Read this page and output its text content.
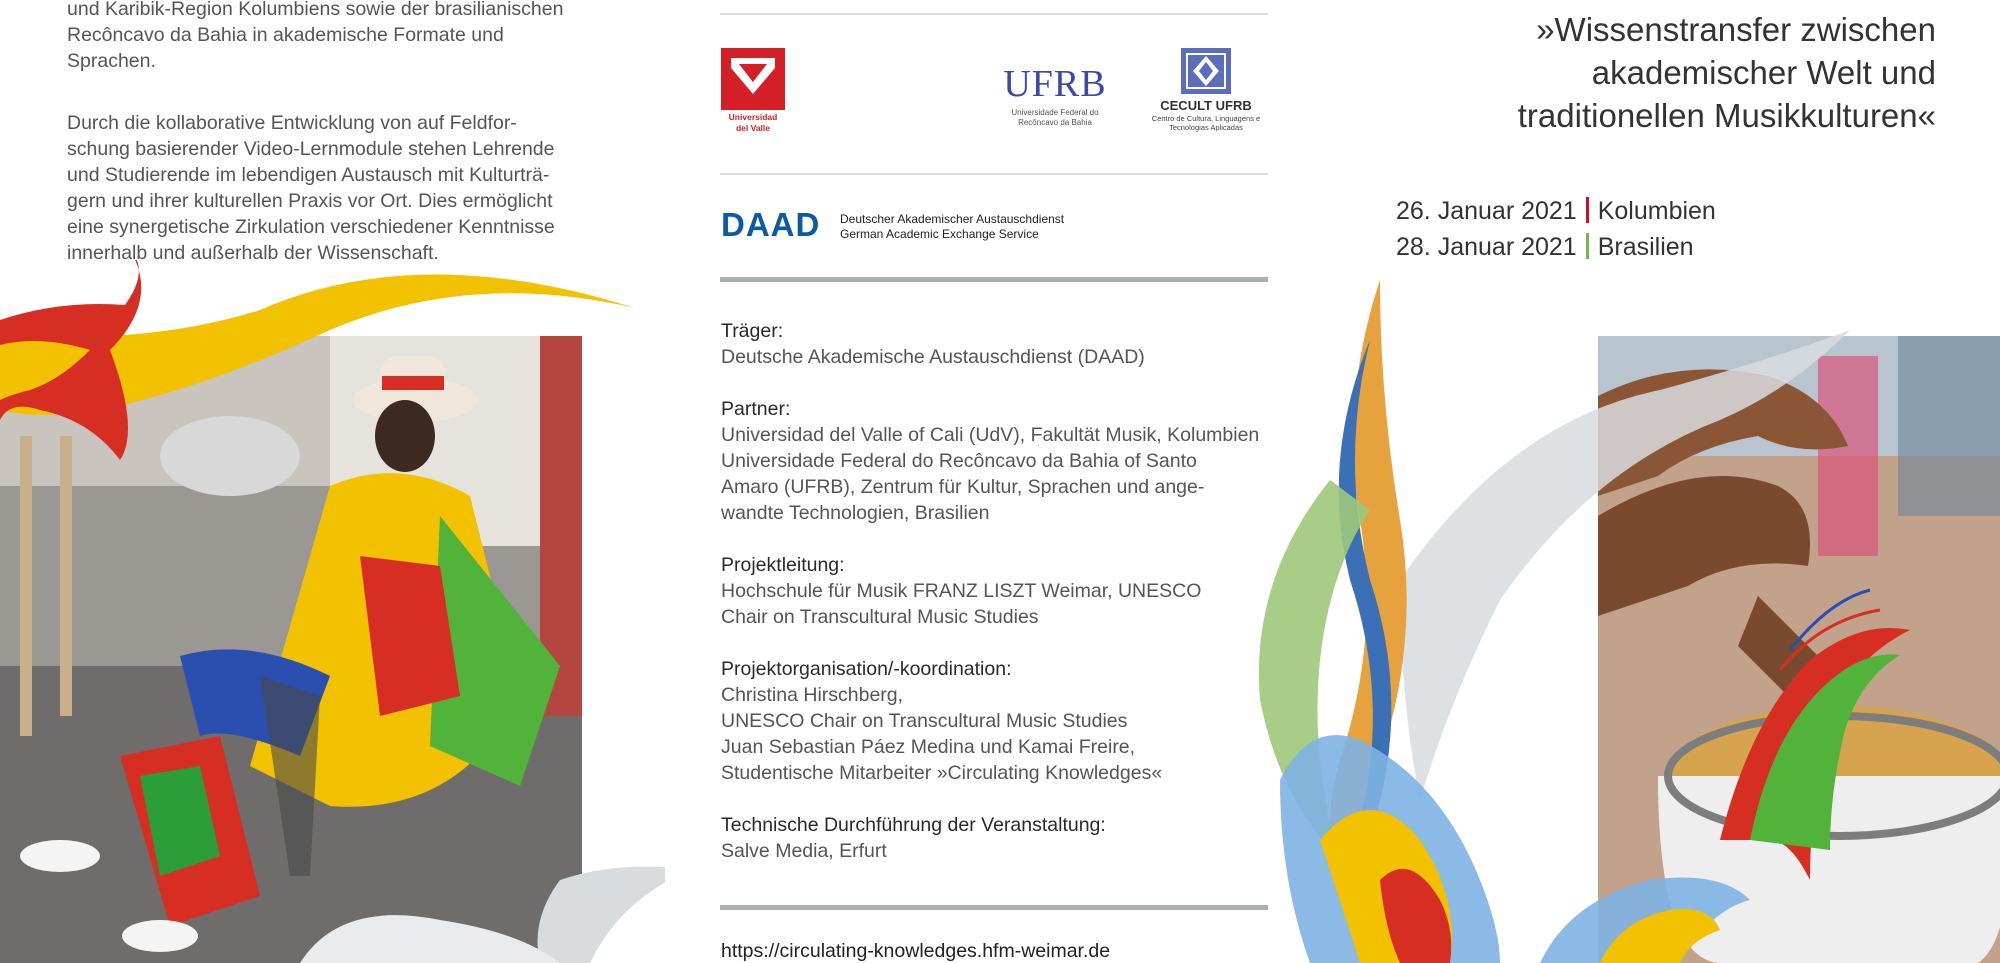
und Karibik-Region Kolumbiens sowie der brasilianischen

Recôncavo da Bahia in akademische Formate und

Sprachen.

Durch die kollaborative Entwicklung von auf Feldfor-

schung basierender Video-Lernmodule stehen Lehrende

und Studierende im lebendigen Austausch mit Kulturträ-

gern und ihrer kulturellen Praxis vor Ort. Dies ermöglicht

eine synergetische Zirkulation verschiedener Kenntnisse

innerhalb und außerhalb der Wissenschaft.

Universidad
del Valle
UFRB
Universidade Federal do Recôncavo da Bahia
CECULT UFRB
Centro de Cultura, Linguagens e Tecnologias Aplicadas
DAAD Deutscher Akademischer Austauschdienst
German Academic Exchange Service
Träger:
Deutsche Akademische Austauschdienst (DAAD)
Partner:
Universidad del Valle of Cali (UdV), Fakultät Musik, Kolumbien
Universidade Federal do Recôncavo da Bahia of Santo
Amaro (UFRB), Zentrum für Kultur, Sprachen und ange-
wandte Technologien, Brasilien
Projektleitung:
Hochschule für Musik FRANZ LISZT Weimar, UNESCO
Chair on Transcultural Music Studies
Projektorganisation/-koordination:
Christina Hirschberg,
UNESCO Chair on Transcultural Music Studies
Juan Sebastian Páez Medina und Kamai Freire,
Studentische Mitarbeiter »Circulating Knowledges«
Technische Durchführung der Veranstaltung:
Salve Media, Erfurt
https://circulating-knowledges.hfm-weimar.de
»Wissenstransfer zwischen
akademischer Welt und
traditionellen Musikkulturen«
26. Januar 2021 Kolumbien
28. Januar 2021 Brasilien
